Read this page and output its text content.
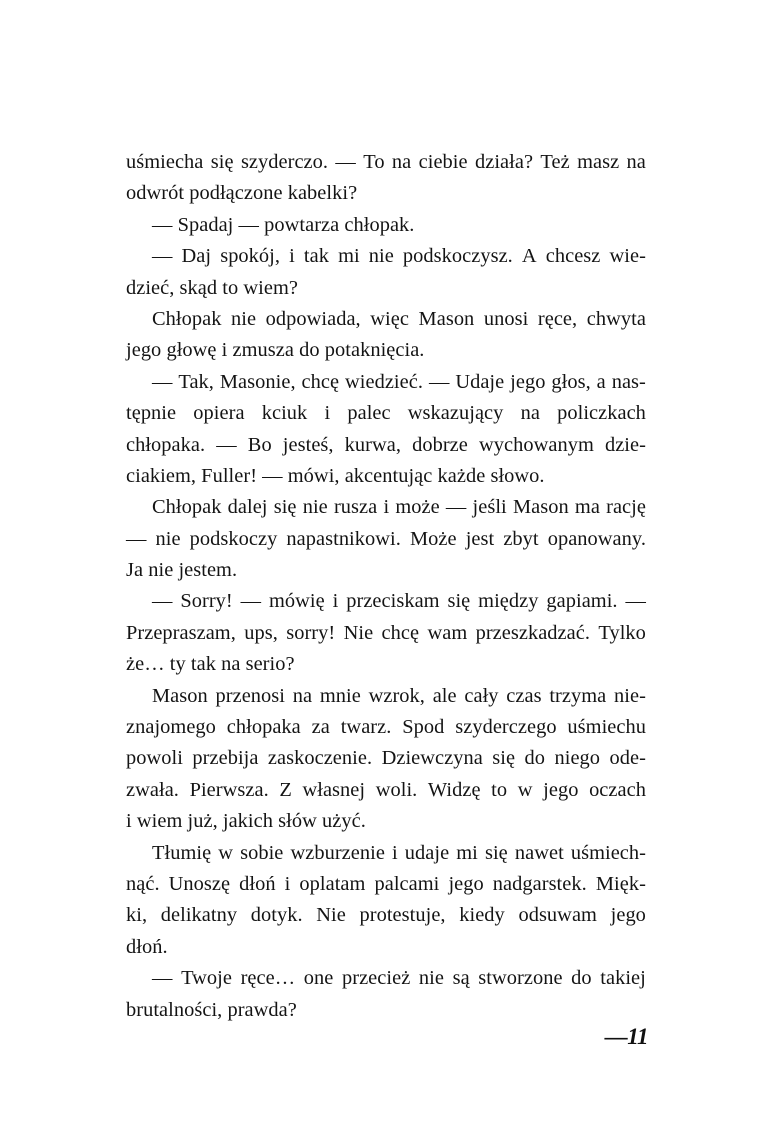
uśmiecha się szyderczo. — To na ciebie działa? Też masz na
odwrót podłączone kabelki?
— Spadaj — powtarza chłopak.
— Daj spokój, i tak mi nie podskoczysz. A chcesz wie-
dzieć, skąd to wiem?
Chłopak nie odpowiada, więc Mason unosi ręce, chwyta
jego głowę i zmusza do potaknięcia.
— Tak, Masonie, chcę wiedzieć. — Udaje jego głos, a nas-
tępnie opiera kciuk i palec wskazujący na policzkach
chłopaka. — Bo jesteś, kurwa, dobrze wychowanym dzie-
ciakiem, Fuller! — mówi, akcentując każde słowo.
Chłopak dalej się nie rusza i może — jeśli Mason ma rację
— nie podskoczy napastnikowi. Może jest zbyt opanowany.
Ja nie jestem.
— Sorry! — mówię i przeciskam się między gapiami. —
Przepraszam, ups, sorry! Nie chcę wam przeszkadzać. Tylko
że… ty tak na serio?
Mason przenosi na mnie wzrok, ale cały czas trzyma nie-
znajomego chłopaka za twarz. Spod szyderczego uśmiechu
powoli przebija zaskoczenie. Dziewczyna się do niego ode-
zwała. Pierwsza. Z własnej woli. Widzę to w jego oczach
i wiem już, jakich słów użyć.
Tłumię w sobie wzburzenie i udaje mi się nawet uśmiech-
nąć. Unoszę dłoń i oplatam palcami jego nadgarstek. Mięk-
ki, delikatny dotyk. Nie protestuje, kiedy odsuwam jego
dłoń.
— Twoje ręce… one przecież nie są stworzone do takiej
brutalności, prawda?
—11
